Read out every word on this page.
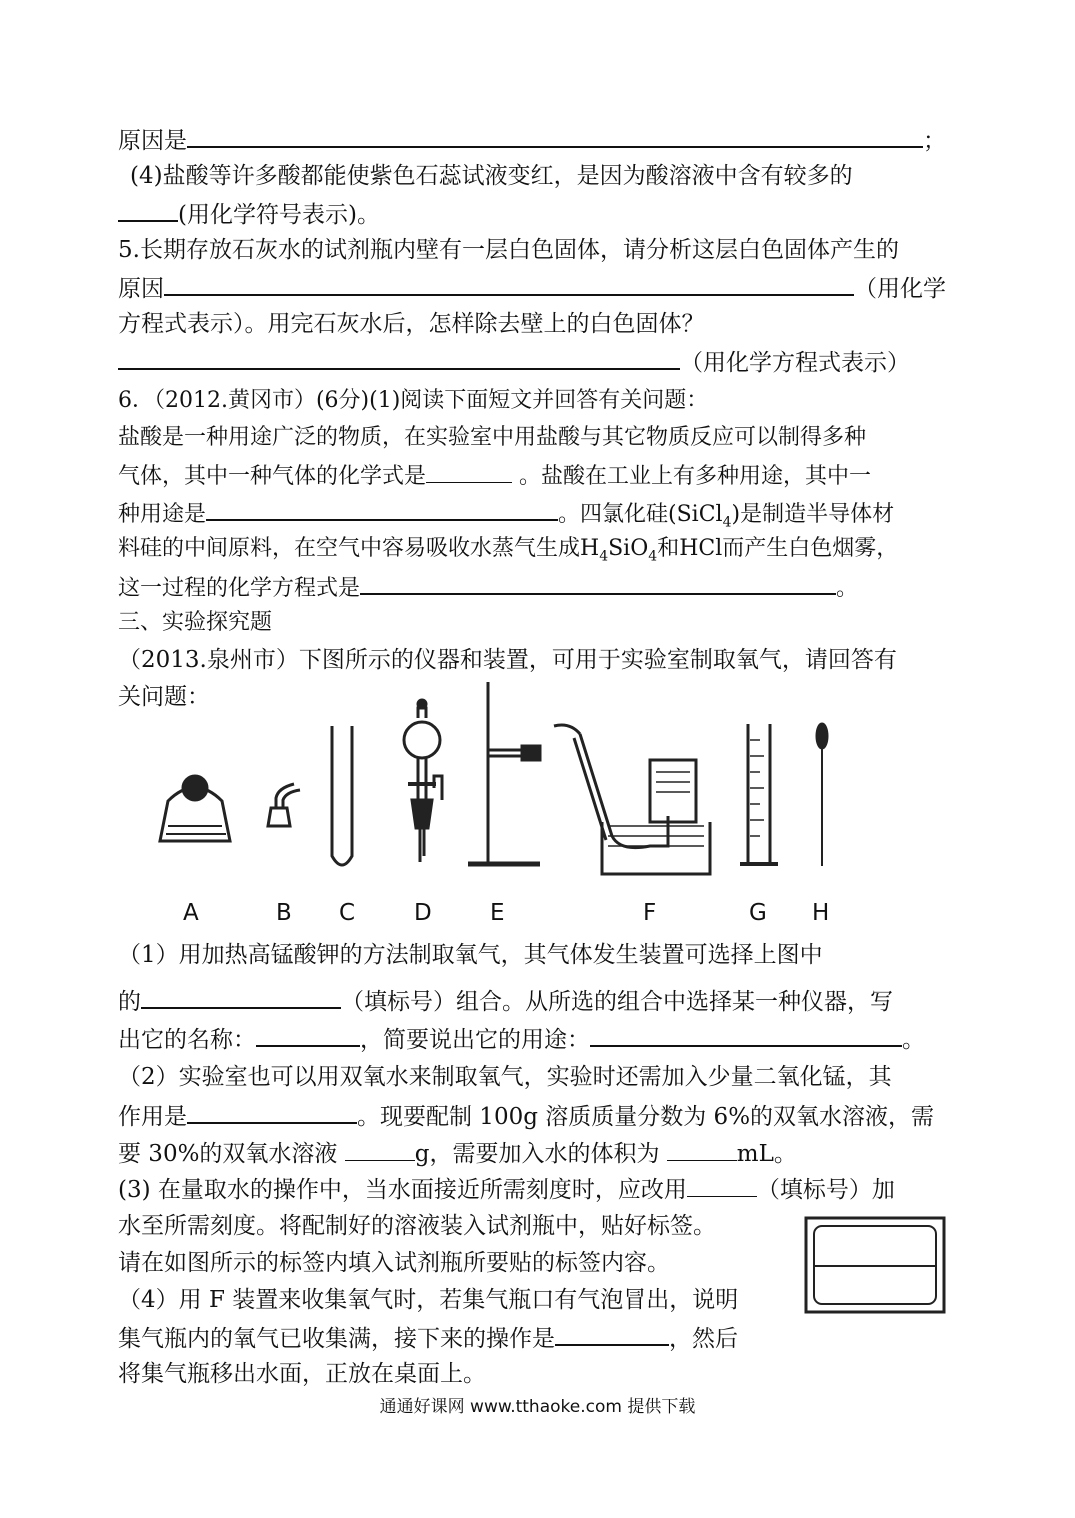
原因是	；
(4)盐酸等许多酸都能使紫色石蕊试液变红，是因为酸溶液中含有较多的
(用化学符号表示)。
5.长期存放石灰水的试剂瓶内壁有一层白色固体，请分析这层白色固体产生的
原因	（用化学
方程式表示）。用完石灰水后，怎样除去壁上的白色固体？
（用化学方程式表示）
6．（2012.黄冈市）(6分)(1)阅读下面短文并回答有关问题：
盐酸是一种用途广泛的物质，在实验室中用盐酸与其它物质反应可以制得多种
气体，其中一种气体的化学式是	。盐酸在工业上有多种用途，其中一
种用途是	。四氯化硅(SiCl$_4$)是制造半导体材
料硅的中间原料，在空气中容易吸收水蒸气生成$H_4SiO_4$和HCl而产生白色烟雾，
这一过程的化学方程式是	。
三、实验探究题
（2013.泉州市）下图所示的仪器和装置，可用于实验室制取氧气，请回答有
关问题：
A	B C	D	E	F	G H
（1）用加热高锰酸钾的方法制取氧气，其气体发生装置可选择上图中
的	（填标号）组合。从所选的组合中选择某一种仪器，写
出它的名称：	，简要说出它的用途：	。
（2）实验室也可以用双氧水来制取氧气，实验时还需加入少量二氧化锰，其
作用是	。现要配制 100g 溶质质量分数为 6%的双氧水溶液，需
要 30%的双氧水溶液	g，需要加入水的体积为	mL。
(3) 在量取水的操作中，当水面接近所需刻度时，应改用	（填标号）加
水至所需刻度。将配制好的溶液装入试剂瓶中，贴好标签。
请在如图所示的标签内填入试剂瓶所要贴的标签内容。
（4）用 F 装置来收集氧气时，若集气瓶口有气泡冒出，说明
集气瓶内的氧气已收集满，接下来的操作是	，然后
将集气瓶移出水面，正放在桌面上。
通通好课网 www.tthaoke.com 提供下载
